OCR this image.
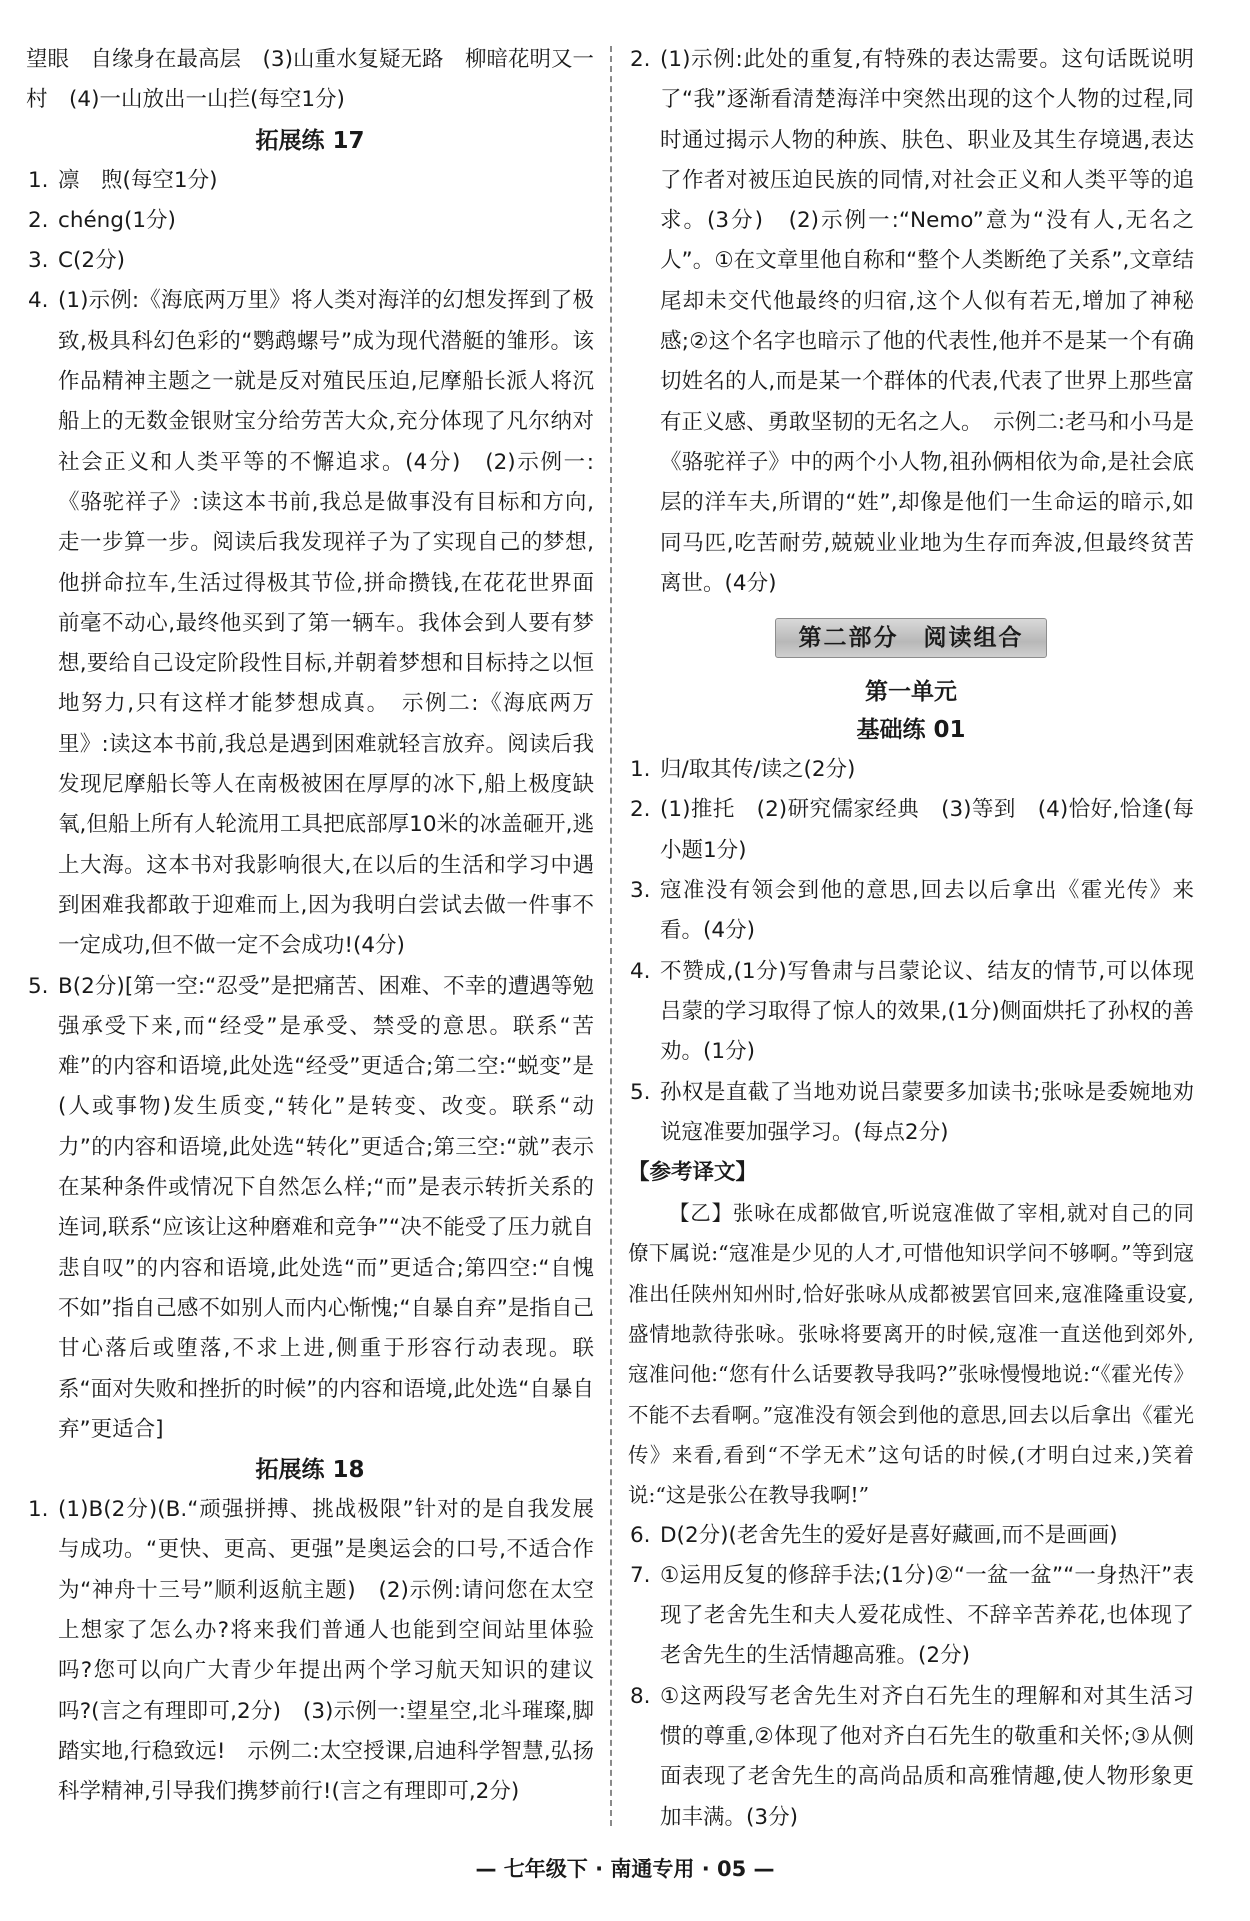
望眼　自缘身在最高层　(3)山重水复疑无路　柳暗花明又一村　(4)一山放出一山拦(每空1分)

拓展练 17
1. 凛　煦(每空1分)
2. chéng(1分)
3. C(2分)
4. (1)示例:《海底两万里》将人类对海洋的幻想发挥到了极致,极具科幻色彩的“鹦鹉螺号”成为现代潜艇的雏形。该作品精神主题之一就是反对殖民压迫,尼摩船长派人将沉船上的无数金银财宝分给劳苦大众,充分体现了凡尔纳对社会正义和人类平等的不懈追求。(4分)　(2)示例一:《骆驼祥子》:读这本书前,我总是做事没有目标和方向,走一步算一步。阅读后我发现祥子为了实现自己的梦想,他拼命拉车,生活过得极其节俭,拼命攒钱,在花花世界面前毫不动心,最终他买到了第一辆车。我体会到人要有梦想,要给自己设定阶段性目标,并朝着梦想和目标持之以恒地努力,只有这样才能梦想成真。　示例二:《海底两万里》:读这本书前,我总是遇到困难就轻言放弃。阅读后我发现尼摩船长等人在南极被困在厚厚的冰下,船上极度缺氧,但船上所有人轮流用工具把底部厚10米的冰盖砸开,逃上大海。这本书对我影响很大,在以后的生活和学习中遇到困难我都敢于迎难而上,因为我明白尝试去做一件事不一定成功,但不做一定不会成功!(4分)
5. B(2分)[第一空:“忍受”是把痛苦、困难、不幸的遭遇等勉强承受下来,而“经受”是承受、禁受的意思。联系“苦难”的内容和语境,此处选“经受”更适合;第二空:“蜕变”是(人或事物)发生质变,“转化”是转变、改变。联系“动力”的内容和语境,此处选“转化”更适合;第三空:“就”表示在某种条件或情况下自然怎么样;“而”是表示转折关系的连词,联系“应该让这种磨难和竞争”“决不能受了压力就自悲自叹”的内容和语境,此处选“而”更适合;第四空:“自愧不如”指自己感不如别人而内心惭愧;“自暴自弃”是指自己甘心落后或堕落,不求上进,侧重于形容行动表现。联系“面对失败和挫折的时候”的内容和语境,此处选“自暴自弃”更适合]
拓展练 18
1. (1)B(2分)(B.“顽强拼搏、挑战极限”针对的是自我发展与成功。“更快、更高、更强”是奥运会的口号,不适合作为“神舟十三号”顺利返航主题)　(2)示例:请问您在太空上想家了怎么办?将来我们普通人也能到空间站里体验吗?您可以向广大青少年提出两个学习航天知识的建议吗?(言之有理即可,2分)　(3)示例一:望星空,北斗璀璨,脚踏实地,行稳致远!　示例二:太空授课,启迪科学智慧,弘扬科学精神,引导我们携梦前行!(言之有理即可,2分)
2. (1)示例:此处的重复,有特殊的表达需要。这句话既说明了“我”逐渐看清楚海洋中突然出现的这个人物的过程,同时通过揭示人物的种族、肤色、职业及其生存境遇,表达了作者对被压迫民族的同情,对社会正义和人类平等的追求。(3分)　(2)示例一:“Nemo”意为“没有人,无名之人”。①在文章里他自称和“整个人类断绝了关系”,文章结尾却未交代他最终的归宿,这个人似有若无,增加了神秘感;②这个名字也暗示了他的代表性,他并不是某一个有确切姓名的人,而是某一个群体的代表,代表了世界上那些富有正义感、勇敢坚韧的无名之人。　示例二:老马和小马是《骆驼祥子》中的两个小人物,祖孙俩相依为命,是社会底层的洋车夫,所谓的“姓”,却像是他们一生命运的暗示,如同马匹,吃苦耐劳,兢兢业业地为生存而奔波,但最终贫苦离世。(4分)
第二部分　阅读组合
第一单元
基础练 01
1. 归/取其传/读之(2分)
2. (1)推托　(2)研究儒家经典　(3)等到　(4)恰好,恰逢(每小题1分)
3. 寇准没有领会到他的意思,回去以后拿出《霍光传》来看。(4分)
4. 不赞成,(1分)写鲁肃与吕蒙论议、结友的情节,可以体现吕蒙的学习取得了惊人的效果,(1分)侧面烘托了孙权的善劝。(1分)
5. 孙权是直截了当地劝说吕蒙要多加读书;张咏是委婉地劝说寇准要加强学习。(每点2分)
【参考译文】

【乙】张咏在成都做官,听说寇准做了宰相,就对自己的同僚下属说:“寇准是少见的人才,可惜他知识学问不够啊。”等到寇准出任陕州知州时,恰好张咏从成都被罢官回来,寇准隆重设宴,盛情地款待张咏。张咏将要离开的时候,寇准一直送他到郊外,寇准问他:“您有什么话要教导我吗?”张咏慢慢地说:“《霍光传》不能不去看啊。”寇准没有领会到他的意思,回去以后拿出《霍光传》来看,看到“不学无术”这句话的时候,(才明白过来,)笑着说:“这是张公在教导我啊!”

6. D(2分)(老舍先生的爱好是喜好藏画,而不是画画)
7. ①运用反复的修辞手法;(1分)②“一盆一盆”“一身热汗”表现了老舍先生和夫人爱花成性、不辞辛苦养花,也体现了老舍先生的生活情趣高雅。(2分)
8. ①这两段写老舍先生对齐白石先生的理解和对其生活习惯的尊重,②体现了他对齐白石先生的敬重和关怀;③从侧面表现了老舍先生的高尚品质和高雅情趣,使人物形象更加丰满。(3分)
— 七年级下 · 南通专用 · 05 —
